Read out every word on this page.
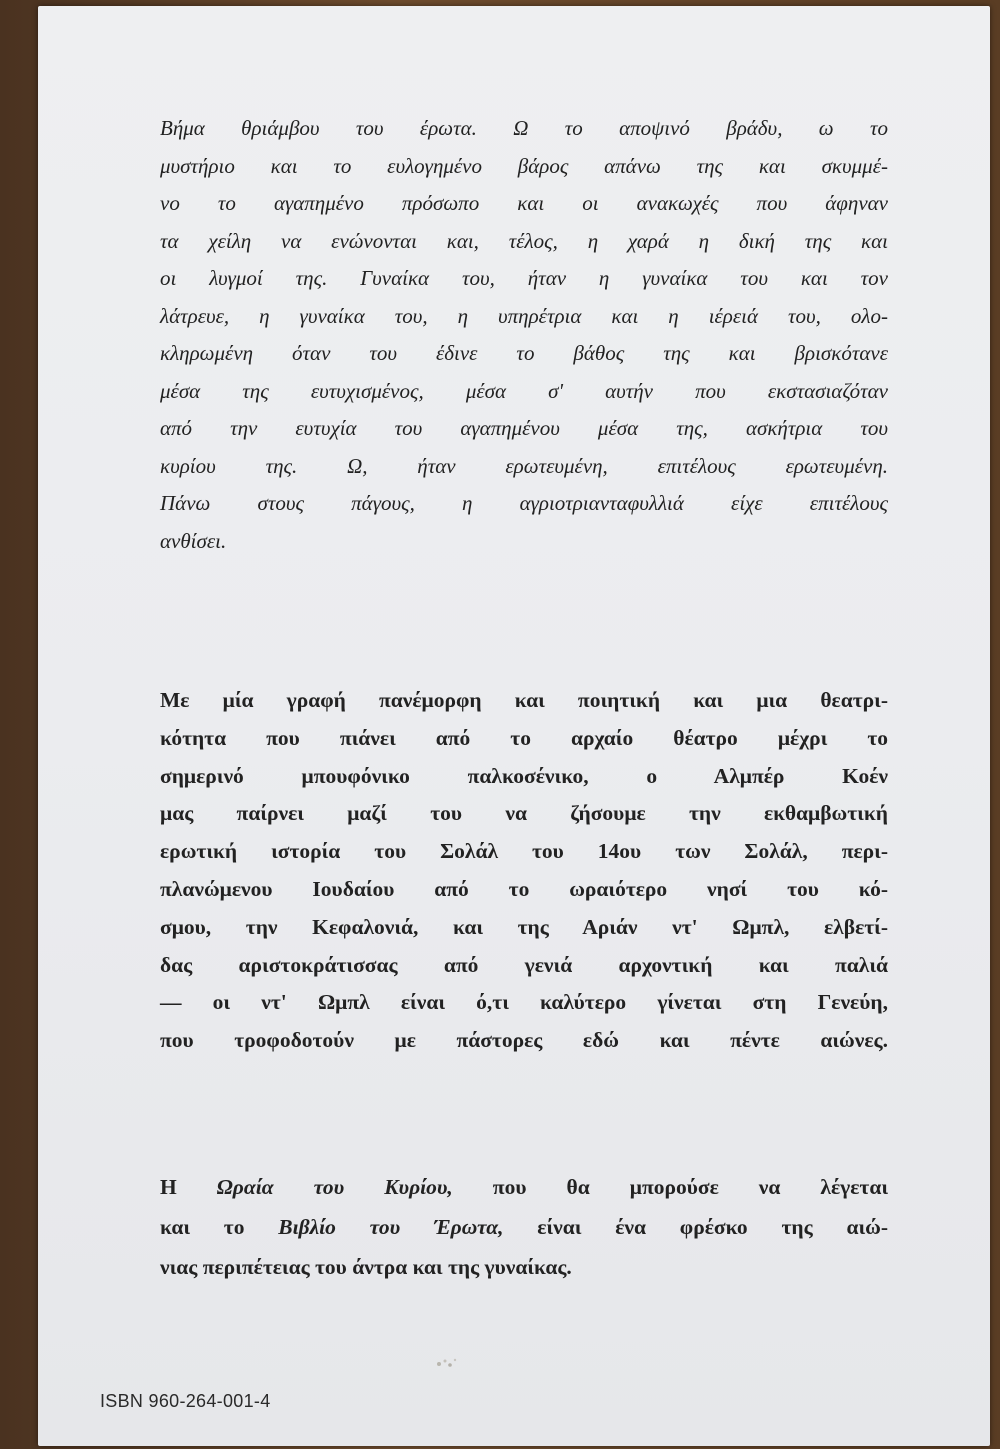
Βήμα θριάμβου του έρωτα. Ω το αποψινό βράδυ, ω το
μυστήριο και το ευλογημένο βάρος απάνω της και σκυμμέ-
νο το αγαπημένο πρόσωπο και οι ανακωχές που άφηναν
τα χείλη να ενώνονται και, τέλος, η χαρά η δική της και
οι λυγμοί της. Γυναίκα του, ήταν η γυναίκα του και τον
λάτρευε, η γυναίκα του, η υπηρέτρια και η ιέρειά του, ολο-
κληρωμένη όταν του έδινε το βάθος της και βρισκότανε
μέσα της ευτυχισμένος, μέσα σ' αυτήν που εκστασιαζόταν
από την ευτυχία του αγαπημένου μέσα της, ασκήτρια του
κυρίου της. Ω, ήταν ερωτευμένη, επιτέλους ερωτευμένη.
Πάνω στους πάγους, η αγριοτριανταφυλλιά είχε επιτέλους
ανθίσει.
Με μία γραφή πανέμορφη και ποιητική και μια θεατρι-
κότητα που πιάνει από το αρχαίο θέατρο μέχρι το
σημερινό μπουφόνικο παλκοσένικο, ο Αλμπέρ Κοέν
μας παίρνει μαζί του να ζήσουμε την εκθαμβωτική
ερωτική ιστορία του Σολάλ του 14ου των Σολάλ, περι-
πλανώμενου Ιουδαίου από το ωραιότερο νησί του κό-
σμου, την Κεφαλονιά, και της Αριάν ντ' Ωμπλ, ελβετί-
δας αριστοκράτισσας από γενιά αρχοντική και παλιά
— οι ντ' Ωμπλ είναι ό,τι καλύτερο γίνεται στη Γενεύη,
που τροφοδοτούν με πάστορες εδώ και πέντε αιώνες.
Η Ωραία του Κυρίου, που θα μπορούσε να λέγεται
και το Βιβλίο του Έρωτα, είναι ένα φρέσκο της αιώ-
νιας περιπέτειας του άντρα και της γυναίκας.

ISBN 960-264-001-4
